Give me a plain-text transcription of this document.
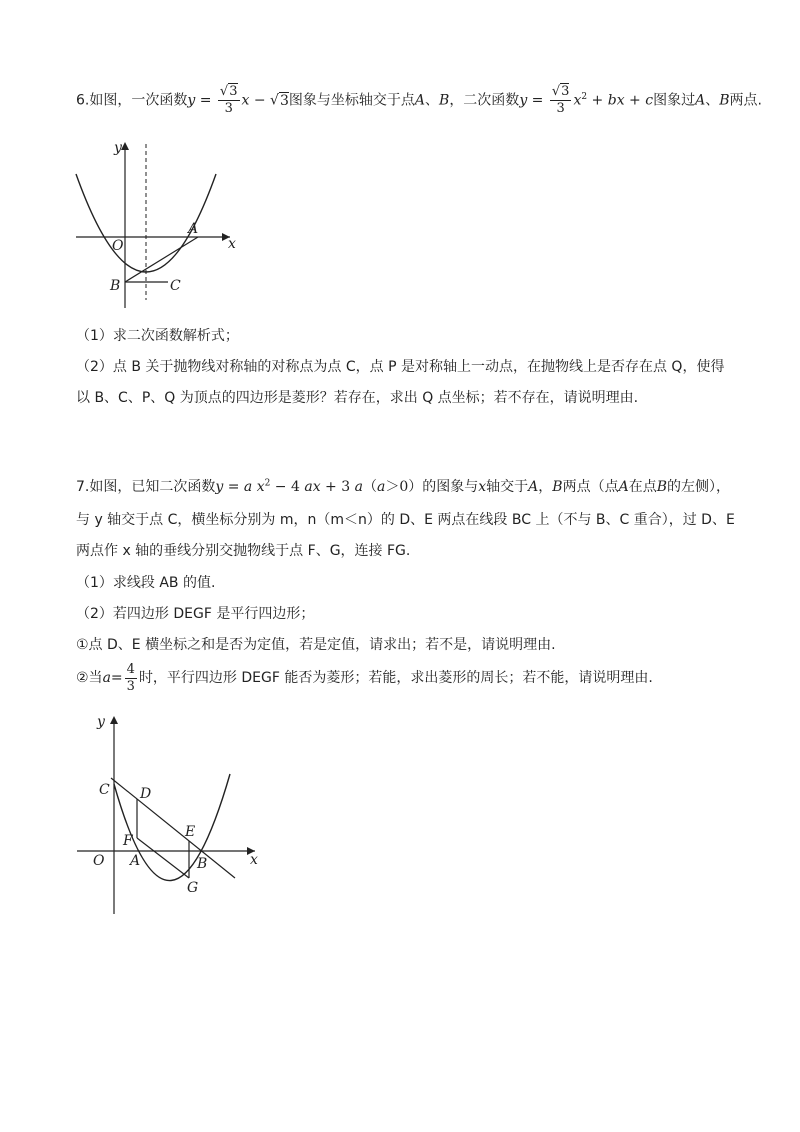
6.如图，一次函数$y = \frac{√3}{3}$ x − √3图象与坐标轴交于点A、B，二次函数$y = \frac{√3}{3} x^2$ + bx + c图象过A、B两点.
y
x
O
A
B	C
（1）求二次函数解析式；
（2）点 B 关于抛物线对称轴的对称点为点 C，点 P 是对称轴上一动点，在抛物线上是否存在点 Q，使得
以 B、C、P、Q 为顶点的四边形是菱形？若存在，求出 Q 点坐标；若不存在，请说明理由.
7.如图，已知二次函数y = a $x^2 - 4$ ax + 3 a（a＞0）的图象与x轴交于A，B两点（点A在点B的左侧），
与 y 轴交于点 C，横坐标分别为 m，n（m＜n）的 D、E 两点在线段 BC 上（不与 B、C 重合），过 D、E
两点作 x 轴的垂线分别交抛物线于点 F、G，连接 FG.
（1）求线段 AB 的值.
（2）若四边形 DEGF 是平行四边形；
①点 D、E 横坐标之和是否为定值，若是定值，请求出；若不是，请说明理由.
②当$a= \frac{4}{3}$ 时，平行四边形 DEGF 能否为菱形；若能，求出菱形的周长；若不能，请说明理由.
y
x
O
C D
E
F
A	B
G
